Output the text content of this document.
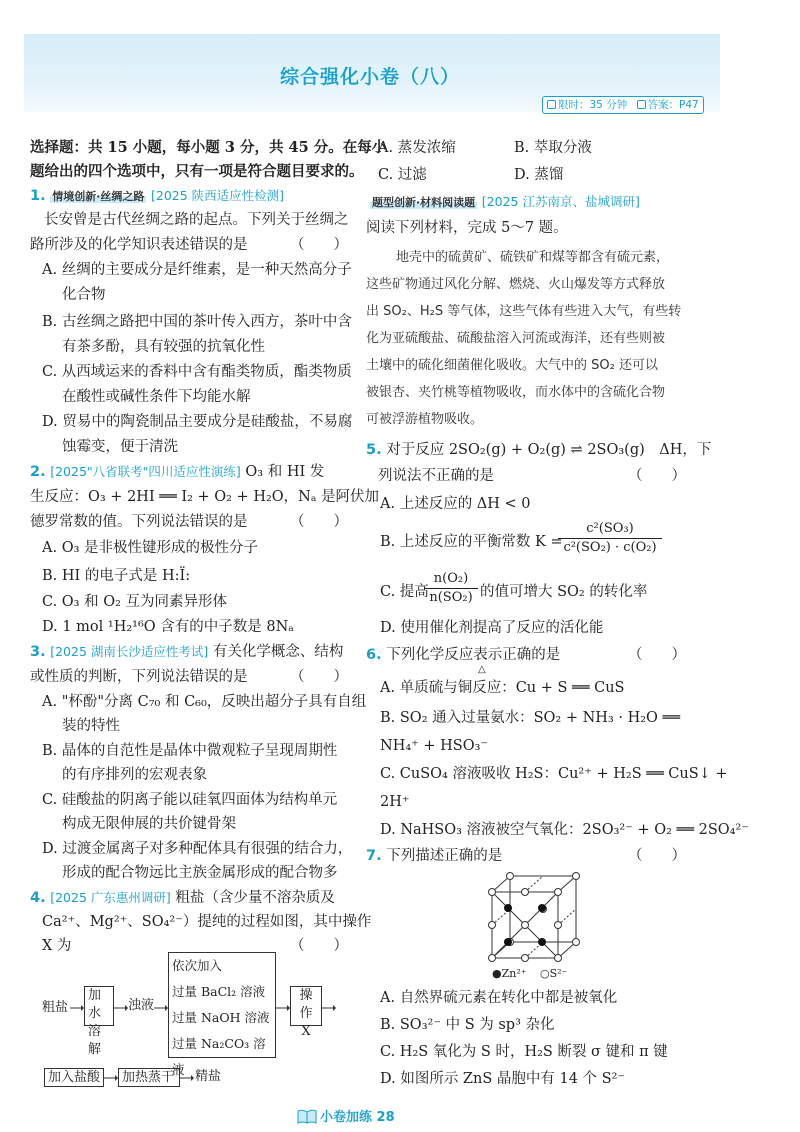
综合强化小卷（八）
限时：35 分钟 答案：P47
选择题：共 15 小题，每小题 3 分，共 45 分。在每小
题给出的四个选项中，只有一项是符合题目要求的。
1. 情境创新·丝绸之路 [2025 陕西适应性检测]
长安曾是古代丝绸之路的起点。下列关于丝绸之
路所涉及的化学知识表述错误的是	（　　）
A. 丝绸的主要成分是纤维素，是一种天然高分子
化合物
B. 古丝绸之路把中国的茶叶传入西方，茶叶中含
有茶多酚，具有较强的抗氧化性
C. 从西域运来的香料中含有酯类物质，酯类物质
在酸性或碱性条件下均能水解
D. 贸易中的陶瓷制品主要成分是硅酸盐，不易腐
蚀霉变，便于清洗
2. [2025"八省联考"四川适应性演练] O₃ 和 HI 发
生反应：O₃ + 2HI ══ I₂ + O₂ + H₂O，Nₐ 是阿伏加
德罗常数的值。下列说法错误的是	（　　）
A. O₃ 是非极性键形成的极性分子
B. HI 的电子式是 H:Ï:
C. O₃ 和 O₂ 互为同素异形体
D. 1 mol ¹H₂¹⁶O 含有的中子数是 8Nₐ
3. [2025 湖南长沙适应性考试] 有关化学概念、结构
或性质的判断，下列说法错误的是	（　　）
A. "杯酚"分离 C₇₀ 和 C₆₀，反映出超分子具有自组
装的特性
B. 晶体的自范性是晶体中微观粒子呈现周期性
的有序排列的宏观表象
C. 硅酸盐的阴离子能以硅氧四面体为结构单元
构成无限伸展的共价键骨架
D. 过渡金属离子对多种配体具有很强的结合力，
形成的配合物远比主族金属形成的配合物多
4. [2025 广东惠州调研] 粗盐（含少量不溶杂质及
Ca²⁺、Mg²⁺、SO₄²⁻）提纯的过程如图，其中操作
X 为	（　　）
粗盐
加水
溶解
浊液
依次加入
过量 BaCl₂ 溶液
过量 NaOH 溶液
过量 Na₂CO₃ 溶液
操作
X
加入盐酸	加热蒸干	精盐
A. 蒸发浓缩	B. 萃取分液
C. 过滤	D. 蒸馏
题型创新·材料阅读题 [2025 江苏南京、盐城调研]
阅读下列材料，完成 5～7 题。
地壳中的硫黄矿、硫铁矿和煤等都含有硫元素，
这些矿物通过风化分解、燃烧、火山爆发等方式释放
出 SO₂、H₂S 等气体，这些气体有些进入大气，有些转
化为亚硫酸盐、硫酸盐溶入河流或海洋，还有些则被
土壤中的硫化细菌催化吸收。大气中的 SO₂ 还可以
被银杏、夹竹桃等植物吸收，而水体中的含硫化合物
可被浮游植物吸收。
5. 对于反应 2SO₂(g) + O₂(g) ⇌ 2SO₃(g)　ΔH，下
列说法不正确的是	（　　）
A. 上述反应的 ΔH < 0
B. 上述反应的平衡常数 K =
$\frac{\text{c²(SO₃)}}{\text{c²(SO₂) · c(O₂)}}$
C. 提高
$\frac{\text{n(O₂)}}{\text{n(SO₂)}}$ 的值可增大 SO₂ 的转化率
D. 使用催化剂提高了反应的活化能
6. 下列化学反应表示正确的是	（　　）
△
A. 单质硫与铜反应：Cu + S ══ CuS
B. SO₂ 通入过量氨水：SO₂ + NH₃ · H₂O ══
NH₄⁺ + HSO₃⁻
C. CuSO₄ 溶液吸收 H₂S：Cu²⁺ + H₂S ══ CuS↓ +
2H⁺
D. NaHSO₃ 溶液被空气氧化：2SO₃²⁻ + O₂ ══ 2SO₄²⁻
7. 下列描述正确的是	（　　）
●Zn²⁺ ○S²⁻
A. 自然界硫元素在转化中都是被氧化
B. SO₃²⁻ 中 S 为 sp³ 杂化
C. H₂S 氧化为 S 时，H₂S 断裂 σ 键和 π 键
D. 如图所示 ZnS 晶胞中有 14 个 S²⁻
小卷加练 28
